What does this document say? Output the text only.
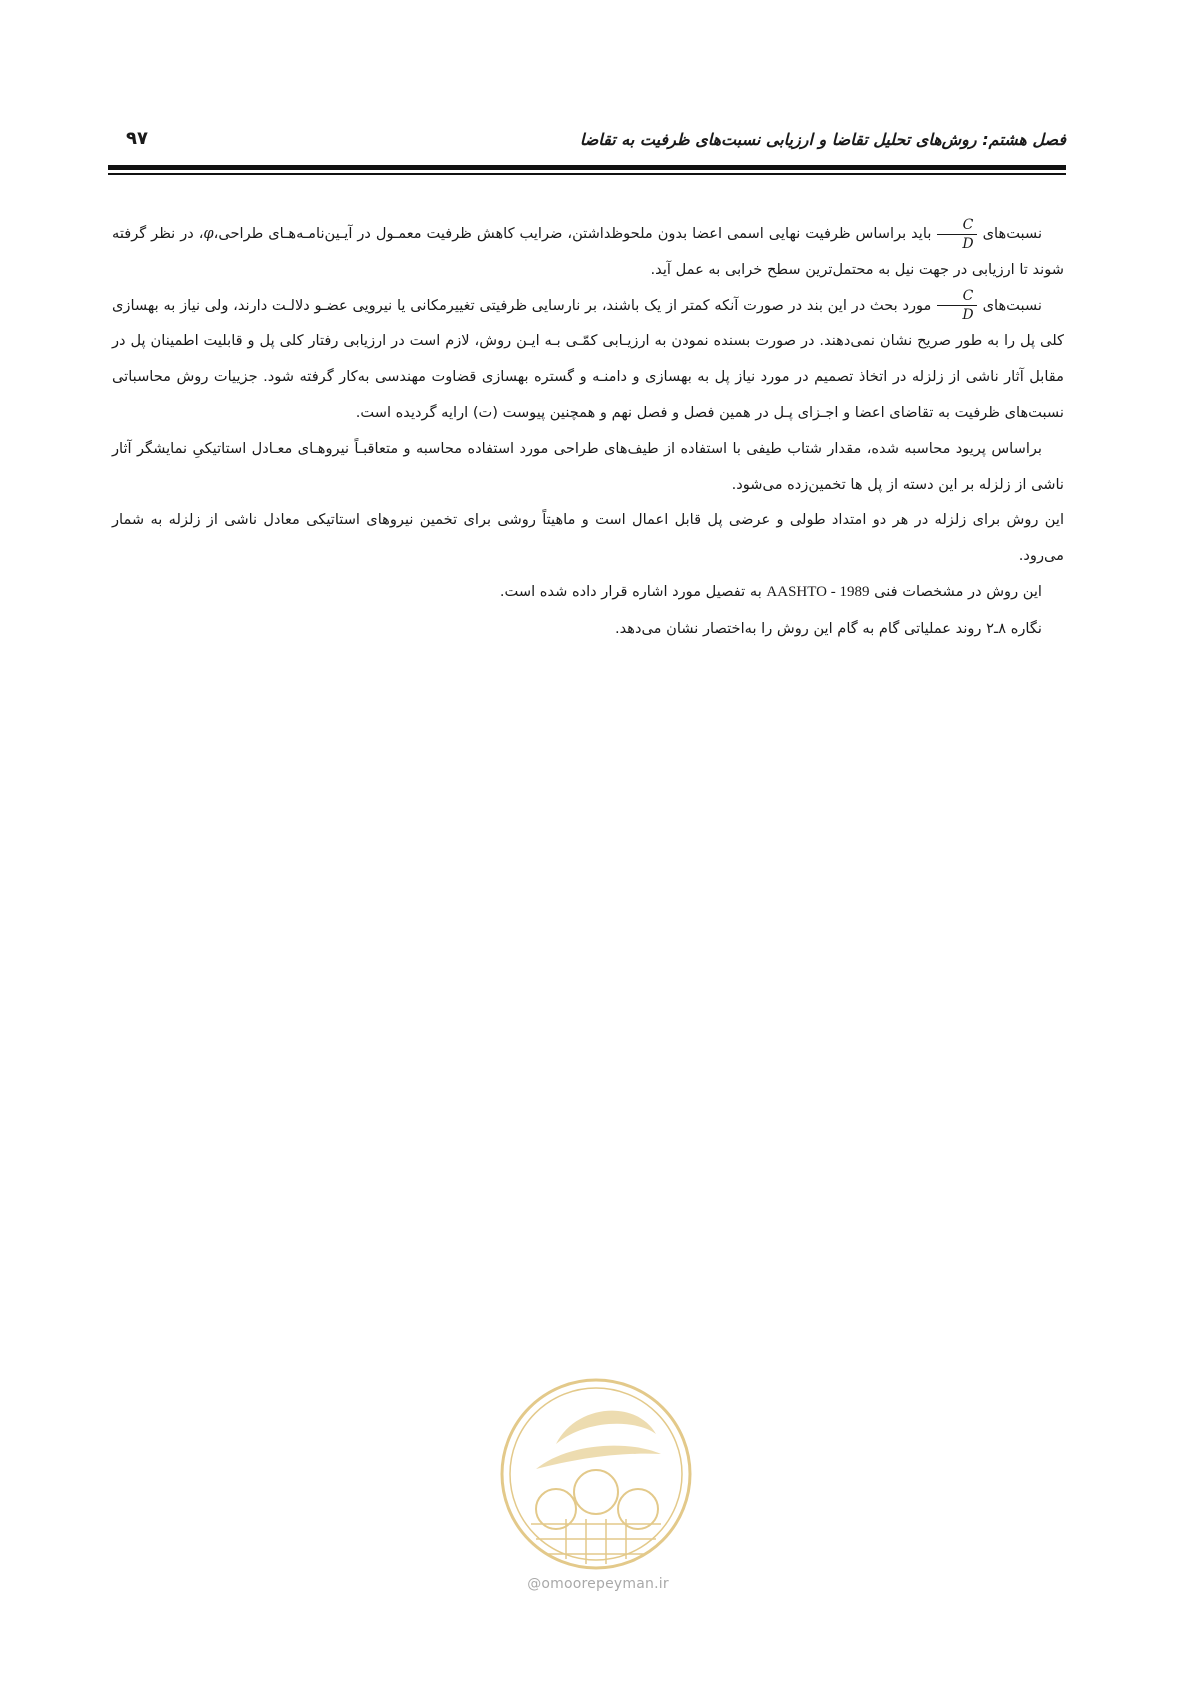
فصل هشتم: روش‌های تحلیل تقاضا و ارزیابی نسبت‌های ظرفیت به تقاضا
۹۷

نسبت‌های
$\frac{C}{D}$
باید براساس ظرفیت نهایی اسمی اعضا بدون ملحوظداشتن، ضرایب کاهش ظرفیت معمـول در آیـین‌نامـه‌هـای طراحی،φ، در نظر گرفته شوند تا ارزیابی در جهت نیل به محتمل‌ترین سطح خرابی به عمل آید.

نسبت‌های
$\frac{C}{D}$
مورد بحث در این بند در صورت آنکه کمتر از یک باشند، بر نارسایی ظرفیتی تغییرمکانی یا نیرویی عضـو دلالـت دارند، ولی نیاز به بهسازی کلی پل را به طور صریح نشان نمی‌دهند. در صورت بسنده نمودن به ارزیـابی کمّـی بـه ایـن روش، لازم است در ارزیابی رفتار کلی پل و قابلیت اطمینان پل در مقابل آثار ناشی از زلزله در اتخاذ تصمیم در مورد نیاز پل به بهسازی و دامنـه و گستره بهسازی قضاوت مهندسی به‌کار گرفته شود. جزییات روش محاسباتی نسبت‌های ظرفیت به تقاضای اعضا و اجـزای پـل در همین فصل و فصل نهم و همچنین پیوست (ت) ارایه گردیده است.

براساس پریود محاسبه شده، مقدار شتاب طیفی با استفاده از طیف‌های طراحی مورد استفاده محاسبه و متعاقبـاً نیروهـای معـادل استاتیکیِ نمایشگر آثار ناشی از زلزله بر این دسته از پل ها تخمین‌زده می‌شود.

این روش برای زلزله در هر دو امتداد طولی و عرضی پل قابل اعمال است و ماهیتاً روشی برای تخمین نیروهای استاتیکی معادل ناشی از زلزله به شمار می‌رود.

این روش در مشخصات فنی AASHTO - 1989 به تفصیل مورد اشاره قرار داده شده است.

نگاره ۸ـ۲ روند عملیاتی گام به گام این روش را به‌اختصار نشان می‌دهد.

@omoorepeyman.ir
